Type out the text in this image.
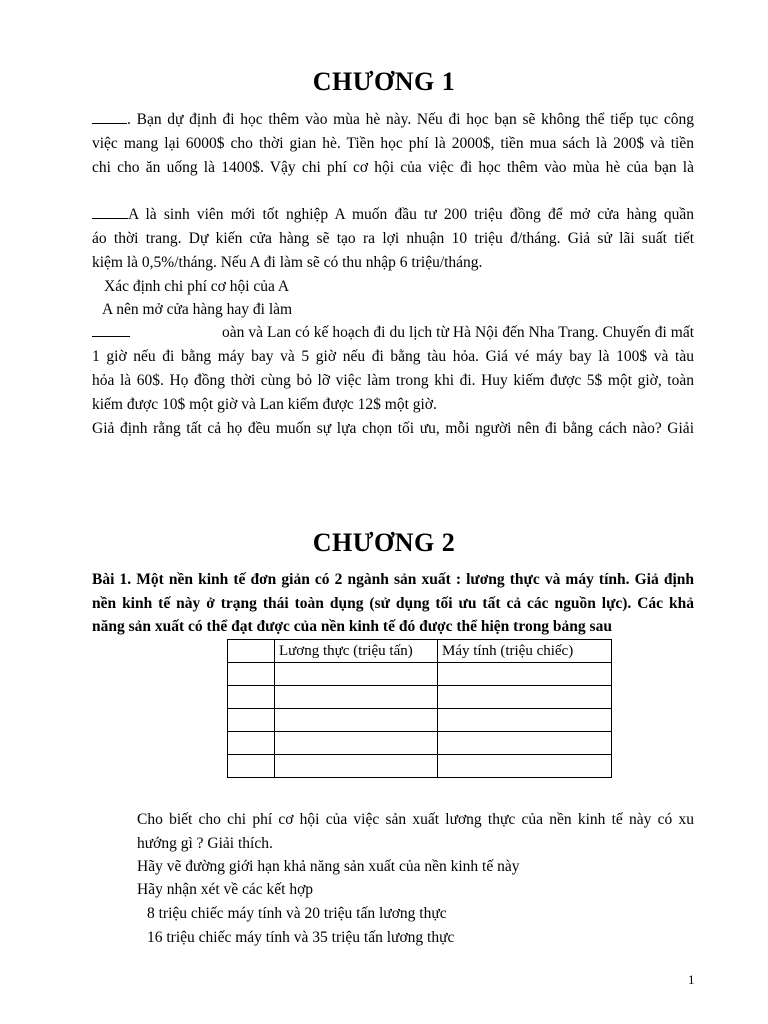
CHƯƠNG 1
. Bạn dự định đi học thêm vào mùa hè này. Nếu đi học bạn sẽ không thể tiếp tục công
việc mang lại 6000$ cho thời gian hè. Tiền học phí là 2000$, tiền mua sách là 200$ và tiền
chi cho ăn uống là 1400$. Vậy chi phí cơ hội của việc đi học thêm vào mùa hè của bạn là
A là sinh viên mới tốt nghiệp A muốn đầu tư 200 triệu đồng để mở cửa hàng quần
áo thời trang. Dự kiến cửa hàng sẽ tạo ra lợi nhuận 10 triệu đ/tháng. Giả sử lãi suất tiết
kiệm là 0,5%/tháng. Nếu A đi làm sẽ có thu nhập 6 triệu/tháng.
Xác định chi phí cơ hội của A
A nên mở cửa hàng hay đi làm
oàn và Lan có kế hoạch đi du lịch từ Hà Nội đến Nha Trang. Chuyến đi mất
1 giờ nếu đi bằng máy bay và 5 giờ nếu đi bằng tàu hỏa. Giá vé máy bay là 100$ và tàu
hỏa là 60$. Họ đồng thời cùng bỏ lỡ việc làm trong khi đi. Huy kiếm được 5$ một giờ, toàn
kiếm được 10$ một giờ và Lan kiếm được 12$ một giờ.
Giả định rằng tất cả họ đều muốn sự lựa chọn tối ưu, mỗi người nên đi bằng cách nào? Giải
CHƯƠNG 2
Bài 1. Một nền kinh tế đơn giản có 2 ngành sản xuất : lương thực và máy tính. Giả định
nền kinh tế này ở trạng thái toàn dụng (sử dụng tối ưu tất cả các nguồn lực). Các khả
năng sản xuất có thể đạt được của nền kinh tế đó được thể hiện trong bảng sau
	Lương thực (triệu tấn)	Máy tính (triệu chiếc)

Cho biết cho chi phí cơ hội của việc sản xuất lương thực của nền kinh tế này có xu
hướng gì ? Giải thích.
Hãy vẽ đường giới hạn khả năng sản xuất của nền kinh tế này
Hãy nhận xét về các kết hợp
8 triệu chiếc máy tính và 20 triệu tấn lương thực
16 triệu chiếc máy tính và 35 triệu tấn lương thực
1
